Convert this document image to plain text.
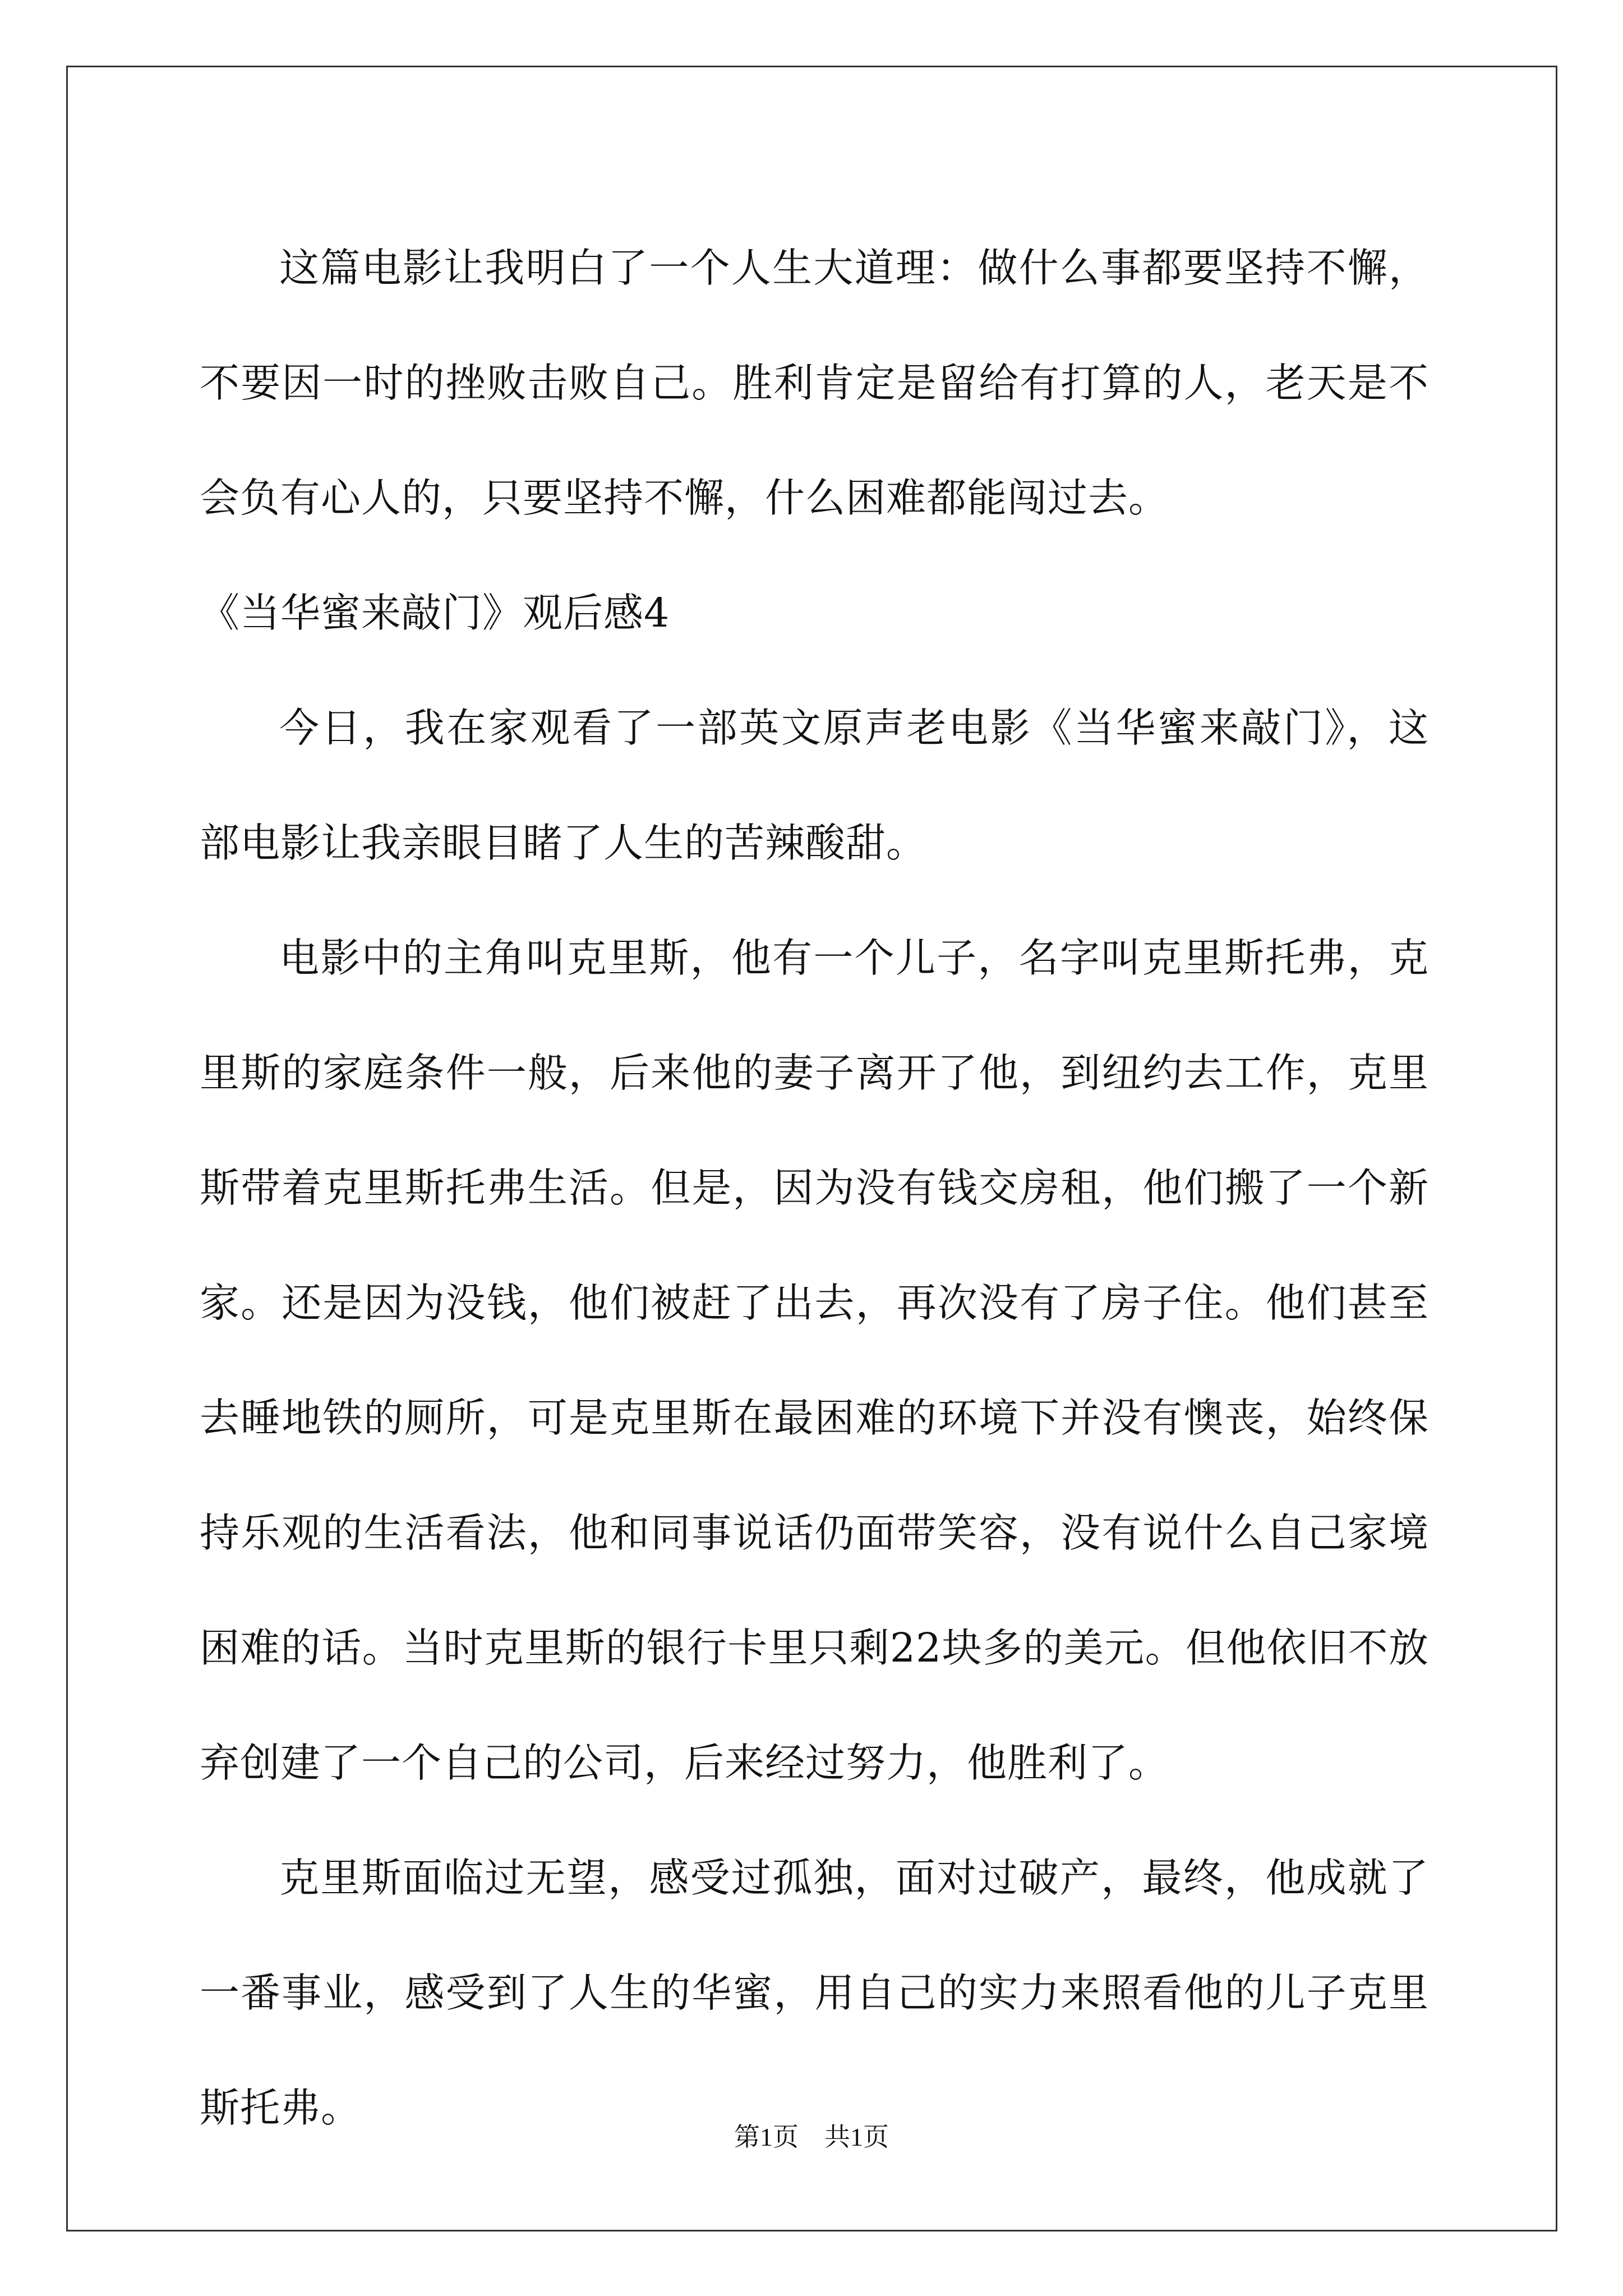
这篇电影让我明白了一个人生大道理：做什么事都要坚持不懈，不要因一时的挫败击败自己。胜利肯定是留给有打算的人，老天是不会负有心人的，只要坚持不懈，什么困难都能闯过去。

《当华蜜来敲门》观后感4

今日，我在家观看了一部英文原声老电影《当华蜜来敲门》，这部电影让我亲眼目睹了人生的苦辣酸甜。

电影中的主角叫克里斯，他有一个儿子，名字叫克里斯托弗，克里斯的家庭条件一般，后来他的妻子离开了他，到纽约去工作，克里斯带着克里斯托弗生活。但是，因为没有钱交房租，他们搬了一个新家。还是因为没钱，他们被赶了出去，再次没有了房子住。他们甚至去睡地铁的厕所，可是克里斯在最困难的环境下并没有懊丧，始终保持乐观的生活看法，他和同事说话仍面带笑容，没有说什么自己家境困难的话。当时克里斯的银行卡里只剩22块多的美元。但他依旧不放弃创建了一个自己的公司，后来经过努力，他胜利了。

克里斯面临过无望，感受过孤独，面对过破产，最终，他成就了一番事业，感受到了人生的华蜜，用自己的实力来照看他的儿子克里斯托弗。

第1页　共1页
